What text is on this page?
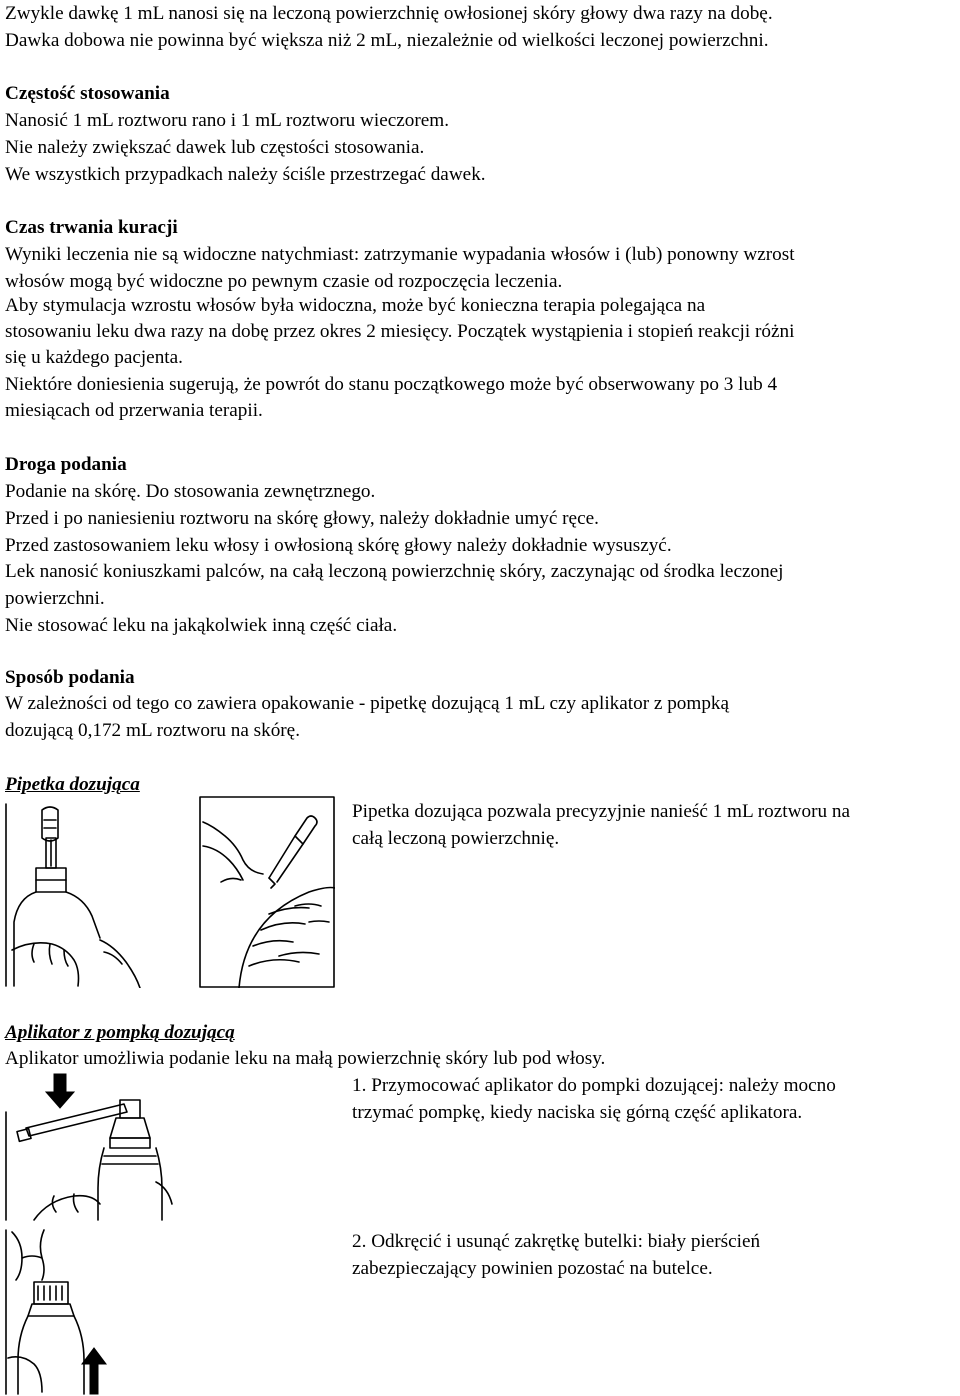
Zwykle dawkę 1 mL nanosi się na leczoną powierzchnię owłosionej skóry głowy dwa razy na dobę.
Dawka dobowa nie powinna być większa niż 2 mL, niezależnie od wielkości leczonej powierzchni.
Częstość stosowania
Nanosić 1 mL roztworu rano i 1 mL roztworu wieczorem.
Nie należy zwiększać dawek lub częstości stosowania.
We wszystkich przypadkach należy ściśle przestrzegać dawek.
Czas trwania kuracji
Wyniki leczenia nie są widoczne natychmiast: zatrzymanie wypadania włosów i (lub) ponowny wzrost
włosów mogą być widoczne po pewnym czasie od rozpoczęcia leczenia.
Aby stymulacja wzrostu włosów była widoczna, może być konieczna terapia polegająca na
stosowaniu leku dwa razy na dobę przez okres 2 miesięcy. Początek wystąpienia i stopień reakcji różni
się u każdego pacjenta.
Niektóre doniesienia sugerują, że powrót do stanu początkowego może być obserwowany po 3 lub 4
miesiącach od przerwania terapii.
Droga podania
Podanie na skórę. Do stosowania zewnętrznego.
Przed i po naniesieniu roztworu na skórę głowy, należy dokładnie umyć ręce.
Przed zastosowaniem leku włosy i owłosioną skórę głowy należy dokładnie wysuszyć.
Lek nanosić koniuszkami palców, na całą leczoną powierzchnię skóry, zaczynając od środka leczonej
powierzchni.
Nie stosować leku na jakąkolwiek inną część ciała.
Sposób podania
W zależności od tego co zawiera opakowanie - pipetkę dozującą 1 mL czy aplikator z pompką
dozującą 0,172 mL roztworu na skórę.
Pipetka dozująca
Pipetka dozująca pozwala precyzyjnie nanieść 1 mL roztworu na
całą leczoną powierzchnię.
Aplikator z pompką dozującą
Aplikator umożliwia podanie leku na małą powierzchnię skóry lub pod włosy.
1. Przymocować aplikator do pompki dozującej: należy mocno
trzymać pompkę, kiedy naciska się górną część aplikatora.
2. Odkręcić i usunąć zakrętkę butelki: biały pierścień
zabezpieczający powinien pozostać na butelce.
